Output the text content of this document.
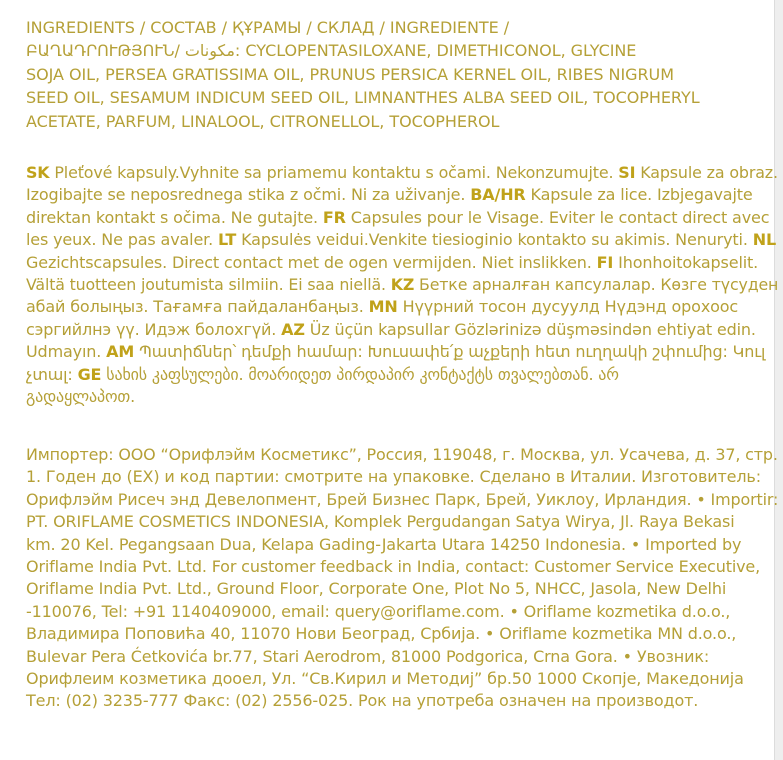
INGREDIENTS / СОСТАВ / ҚҰРАМЫ / СКЛАД / INGREDIENTE /
ԲԱՂԱԴՐՈՒԹՅՈՒՆ/ مكونات: CYCLOPENTASILOXANE, DIMETHICONOL, GLYCINE
SOJA OIL, PERSEA GRATISSIMA OIL, PRUNUS PERSICA KERNEL OIL, RIBES NIGRUM
SEED OIL, SESAMUM INDICUM SEED OIL, LIMNANTHES ALBA SEED OIL, TOCOPHERYL
ACETATE, PARFUM, LINALOOL, CITRONELLOL, TOCOPHEROL
SK Pleťové kapsuly.Vyhnite sa priamemu kontaktu s očami. Nekonzumujte. SI Kapsule za obraz.
Izogibajte se neposrednega stika z očmi. Ni za uživanje. BA/HR Kapsule za lice. Izbjegavajte
direktan kontakt s očima. Ne gutajte. FR Capsules pour le Visage. Eviter le contact direct avec
les yeux. Ne pas avaler. LT Kapsulės veidui.Venkite tiesioginio kontakto su akimis. Nenuryti. NL
Gezichtscapsules. Direct contact met de ogen vermijden. Niet inslikken. FI Ihonhoitokapselit.
Vältä tuotteen joutumista silmiin. Ei saa niellä. KZ Бетке арналған капсулалар. Көзге түсуден
абай болыңыз. Тағамға пайдаланбаңыз. MN Нүүрний тосон дусуулд Нүдэнд орохоос
сэргийлнэ үү. Идэж болохгүй. AZ Üz üçün kapsullar Gözlərinizə düşməsindən ehtiyat edin.
Udmayın. AM Պատիճներ՝ դեմքի համար: Խուսափե՛ք աչքերի հետ ուղղակի շփումից: Կուլ
չտալ: GE სახის კაფსულები. მოარიდეთ პირდაპირ კონტაქტს თვალებთან. არ
გადაყლაპოთ.
Импортер: ООО “Орифлэйм Косметикс”, Россия, 119048, г. Москва, ул. Усачева, д. 37, стр.
1. Годен до (ЕХ) и код партии: смотрите на упаковке. Сделано в Италии. Изготовитель:
Орифлэйм Рисеч энд Девелопмент, Брей Бизнес Парк, Брей, Уиклоу, Ирландия. • Importir:
PT. ORIFLAME COSMETICS INDONESIA, Komplek Pergudangan Satya Wirya, Jl. Raya Bekasi
km. 20 Kel. Pegangsaan Dua, Kelapa Gading-Jakarta Utara 14250 Indonesia. • Imported by
Oriflame India Pvt. Ltd. For customer feedback in India, contact: Customer Service Executive,
Oriflame India Pvt. Ltd., Ground Floor, Corporate One, Plot No 5, NHCC, Jasola, New Delhi
-110076, Tel: +91 1140409000, email: query@oriflame.com. • Oriflame kozmetika d.o.o.,
Владимира Поповића 40, 11070 Нови Београд, Србија. • Oriflame kozmetika MN d.o.o.,
Bulevar Pera Ćetkovića br.77, Stari Aerodrom, 81000 Podgorica, Crna Gora. • Увозник:
Орифлеим козметика дооел, Ул. “Св.Кирил и Методиј” бр.50 1000 Скопје, Македонија
Тел: (02) 3235-777 Факс: (02) 2556-025. Рок на употреба означен на производот.
